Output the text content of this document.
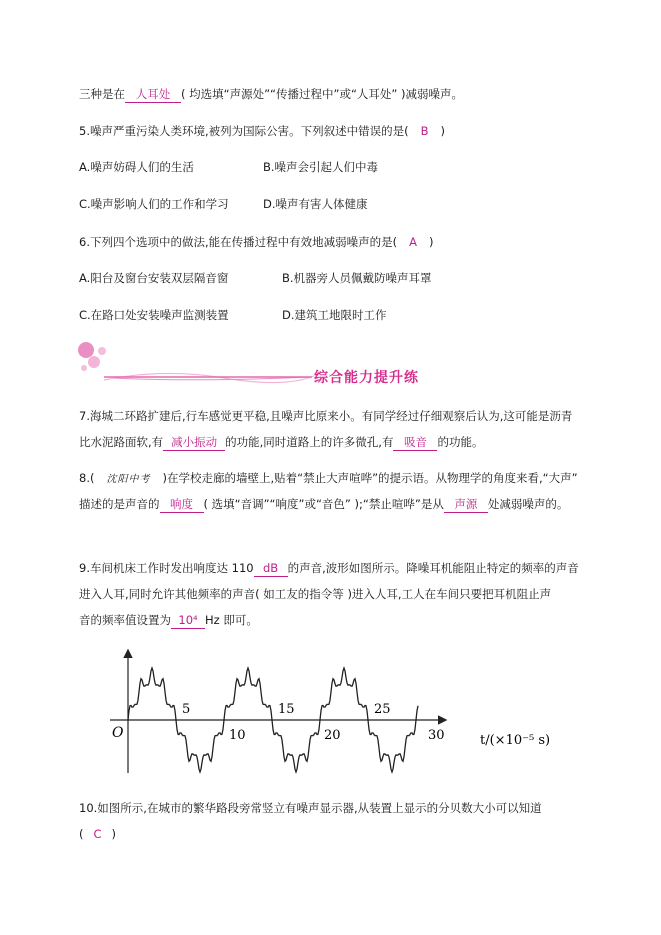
三种是在 人耳处 ( 均选填“声源处”“传播过程中”或“人耳处” )减弱噪声。
5.噪声严重污染人类环境,被列为国际公害。下列叙述中错误的是( B )
A.噪声妨碍人们的生活	B.噪声会引起人们中毒
C.噪声影响人们的工作和学习	D.噪声有害人体健康
6.下列四个选项中的做法,能在传播过程中有效地减弱噪声的是( A )
A.阳台及窗台安装双层隔音窗	B.机器旁人员佩戴防噪声耳罩
C.在路口处安装噪声监测装置	D.建筑工地限时工作
综合能力提升练
7.海城二环路扩建后,行车感觉更平稳,且噪声比原来小。有同学经过仔细观察后认为,这可能是沥青
比水泥路面软,有 减小振动 的功能,同时道路上的许多微孔,有 吸音 的功能。
8.( 沈阳中考 )在学校走廊的墙壁上,贴着“禁止大声喧哗”的提示语。从物理学的角度来看,“大声”
描述的是声音的 响度 ( 选填“音调”“响度”或“音色” );“禁止喧哗”是从 声源 处减弱噪声的。
9.车间机床工作时发出响度达 110 dB 的声音,波形如图所示。降噪耳机能阻止特定的频率的声音
进入人耳,同时允许其他频率的声音( 如工友的指令等 )进入人耳,工人在车间只要把耳机阻止声
音的频率值设置为 10⁴ Hz 即可。
O
5
10
15
20
25
30	t/(×10⁻⁵ s)
10.如图所示,在城市的繁华路段旁常竖立有噪声显示器,从装置上显示的分贝数大小可以知道
( C )
